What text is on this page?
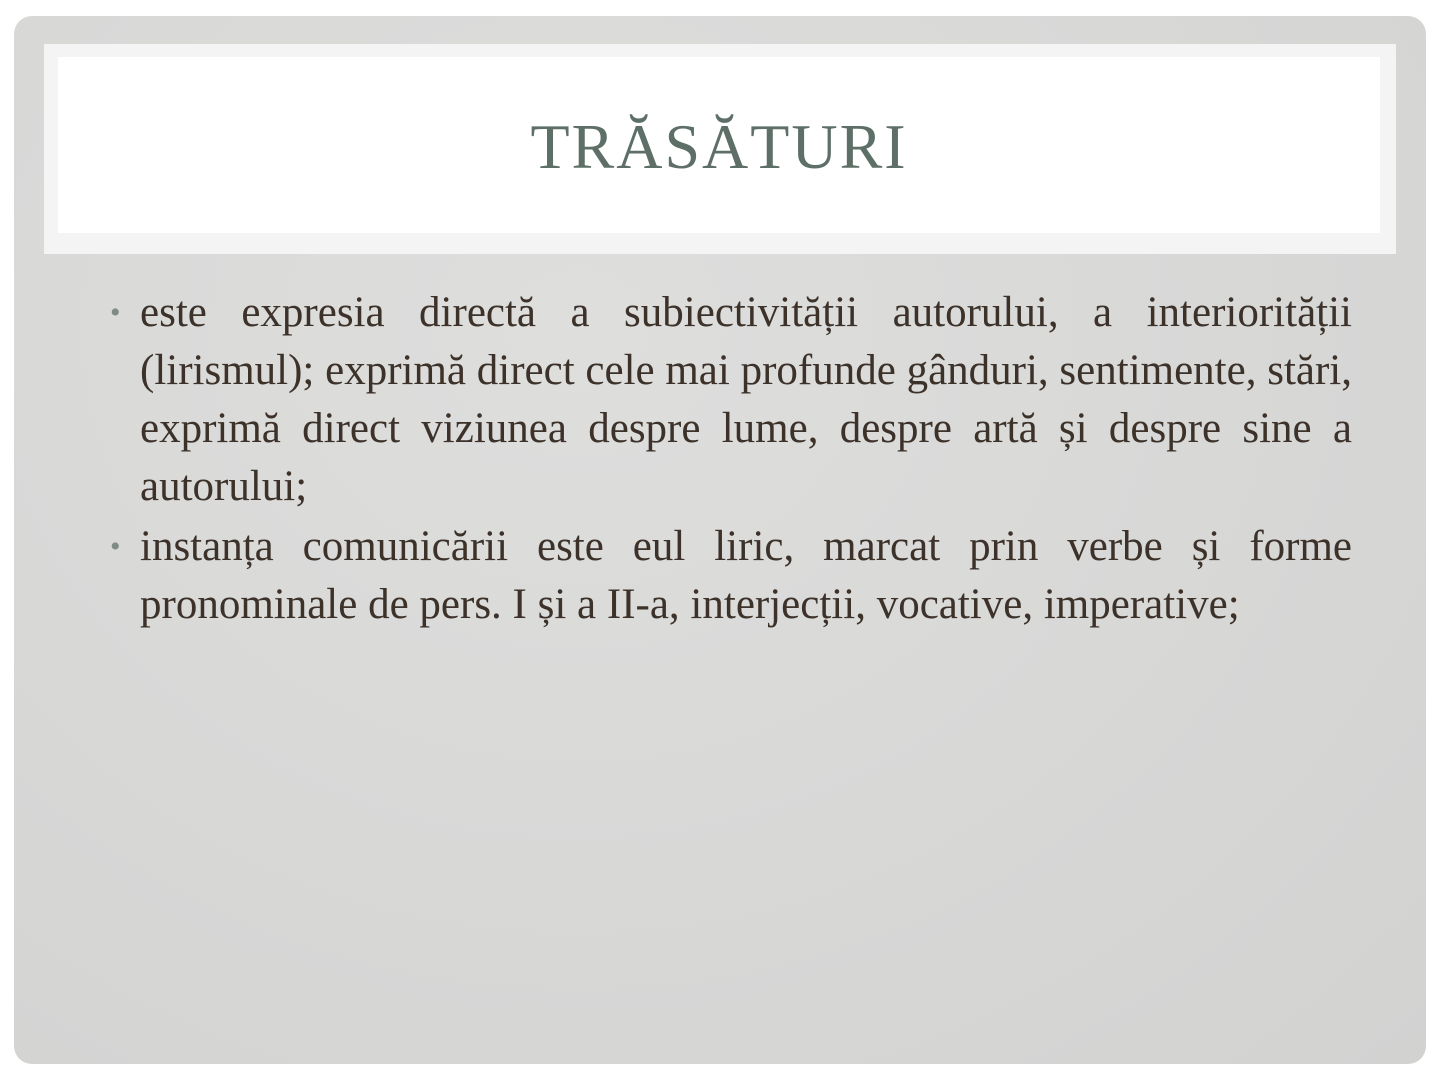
TRĂSĂTURI

• este expresia directă a subiectivității autorului, a interiorității (lirismul); exprimă direct cele mai profunde gânduri, sentimente, stări, exprimă direct viziunea despre lume, despre artă și despre sine a autorului;

• instanța comunicării este eul liric, marcat prin verbe și forme pronominale de pers. I și a II-a, interjecții, vocative, imperative;
